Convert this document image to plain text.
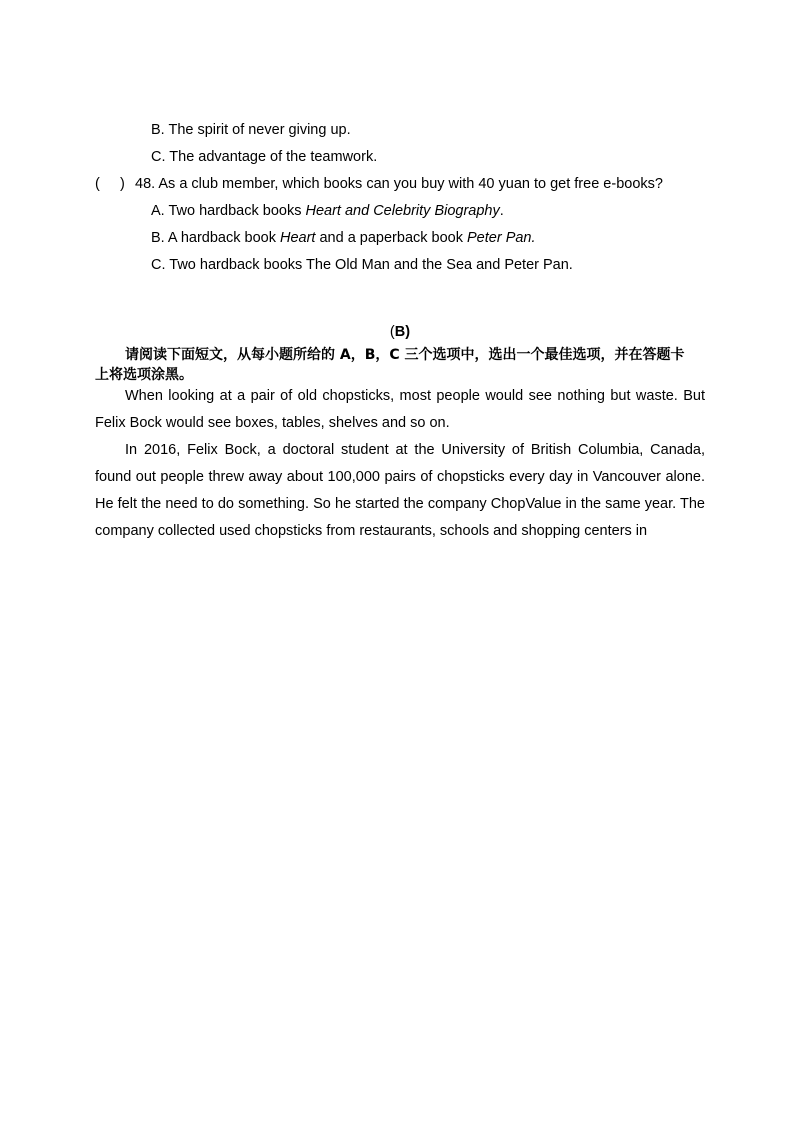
B. The spirit of never giving up.
C. The advantage of the teamwork.
( ) 48. As a club member, which books can you buy with 40 yuan to get free e-books?
A. Two hardback books Heart and Celebrity Biography.
B. A hardback book Heart and a paperback book Peter Pan.
C. Two hardback books The Old Man and the Sea and Peter Pan.
(B)
请阅读下面短文，从每小题所给的 A，B，C 三个选项中，选出一个最佳选项，并在答题卡
上将选项涂黑。

When looking at a pair of old chopsticks, most people would see nothing but waste. But Felix Bock would see boxes, tables, shelves and so on.

In 2016, Felix Bock, a doctoral student at the University of British Columbia, Canada, found out people threw away about 100,000 pairs of chopsticks every day in Vancouver alone. He felt the need to do something. So he started the company ChopValue in the same year. The company collected used chopsticks from restaurants, schools and shopping centers in
